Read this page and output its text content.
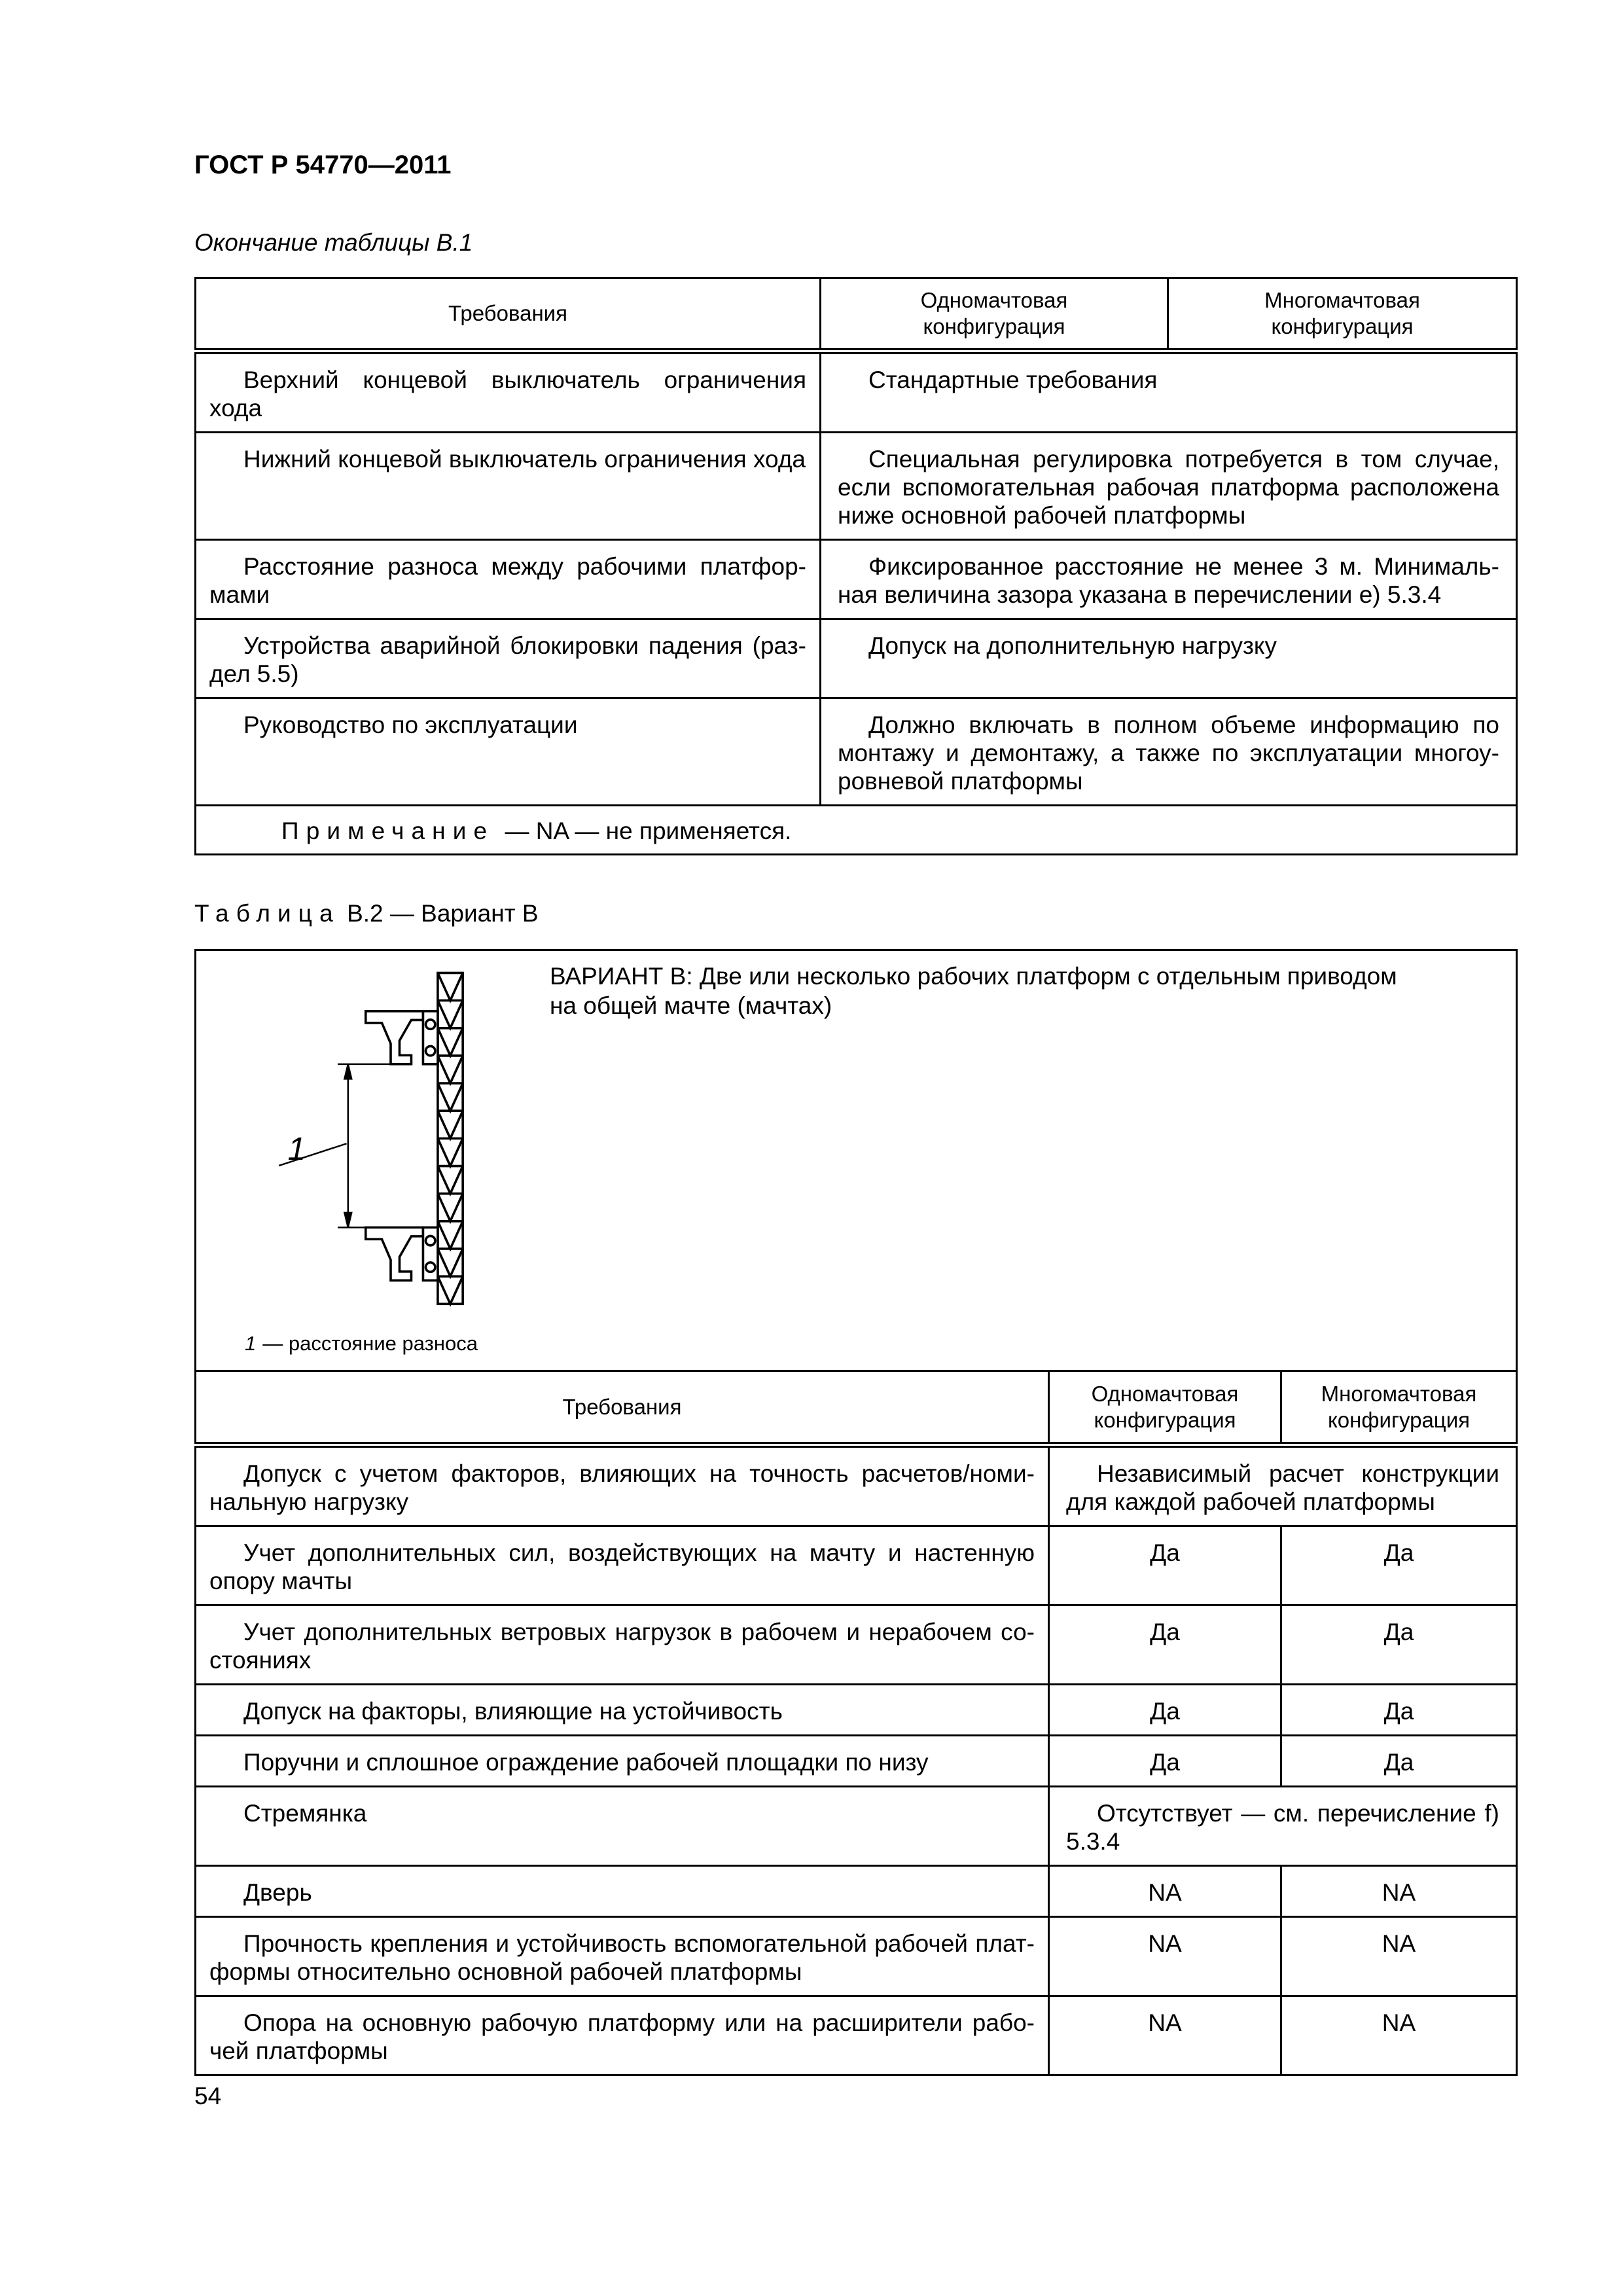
ГОСТ Р 54770—2011
Окончание таблицы В.1
Требования	Одномачтовая конфигурация	Многомачтовая конфигурация

Верхний концевой выключатель ограничения хода	Стандартные требования	
Нижний концевой выключатель ограничения хода	Специальная регулировка потребуется в том случае, если вспомогательная рабочая платформа расположена ниже основной рабочей платформы	
Расстояние разноса между рабочими платформами	Фиксированное расстояние не менее 3 м. Минимальная величина зазора указана в перечислении е) 5.3.4	
Устройства аварийной блокировки падения (раздел 5.5)	Допуск на дополнительную нагрузку	
Руководство по эксплуатации	Должно включать в полном объеме информацию по монтажу и демонтажу, а также по эксплуатации многоуровневой платформы	
Примечание — NA — не применяется.		
Таблица В.2 — Вариант В
1
ВАРИАНТ В: Две или несколько рабочих платформ с отдельным приводом
на общей мачте (мачтах)
1 — расстояние разноса		

Требования	Одномачтовая конфигурация	Многомачтовая конфигурация
Допуск с учетом факторов, влияющих на точность расчетов/номинальную нагрузку	Независимый расчет конструкции для каждой рабочей платформы	
Учет дополнительных сил, воздействующих на мачту и настенную опору мачты	Да	Да
Учет дополнительных ветровых нагрузок в рабочем и нерабочем состояниях	Да	Да
Допуск на факторы, влияющие на устойчивость	Да	Да
Поручни и сплошное ограждение рабочей площадки по низу	Да	Да
Стремянка	Отсутствует — см. перечисление f) 5.3.4	
Дверь	NA	NA
Прочность крепления и устойчивость вспомогательной рабочей платформы относительно основной рабочей платформы	NA	NA
Опора на основную рабочую платформу или на расширители рабочей платформы	NA	NA
54
